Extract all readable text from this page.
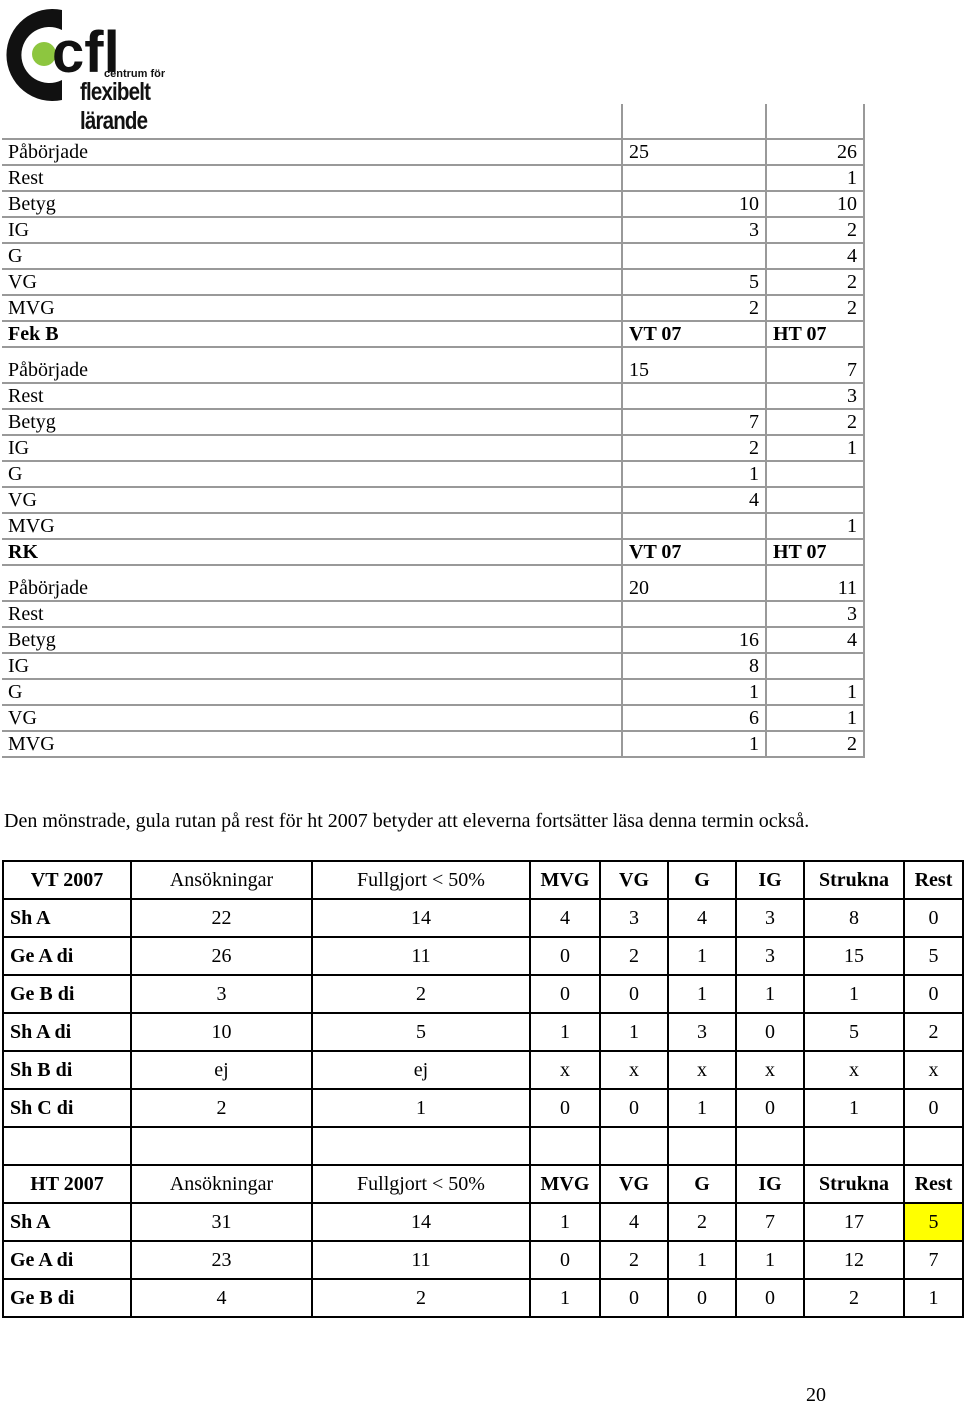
cfl
centrum för
flexibelt lärande

Påbörjade	25	26
Rest		1
Betyg	10	10
IG	3	2
G		4
VG	5	2
MVG	2	2
Fek B	VT 07	HT 07

Påbörjade	15	7
Rest		3
Betyg	7	2
IG	2	1
G	1	
VG	4	
MVG		1
RK	VT 07	HT 07

Påbörjade	20	11
Rest		3
Betyg	16	4
IG	8	
G	1	1
VG	6	1
MVG	1	2
Den mönstrade, gula rutan på rest för ht 2007 betyder att eleverna fortsätter läsa denna termin också.
VT 2007	Ansökningar	Fullgjort < 50%	MVG	VG	G	IG	Strukna	Rest
Sh A	22	14	4	3	4	3	8	0
Ge A di	26	11	0	2	1	3	15	5
Ge B di	3	2	0	0	1	1	1	0
Sh A di	10	5	1	1	3	0	5	2
Sh B di	ej	ej	x	x	x	x	x	x
Sh C di	2	1	0	0	1	0	1	0

HT 2007	Ansökningar	Fullgjort < 50%	MVG	VG	G	IG	Strukna	Rest
Sh A	31	14	1	4	2	7	17	5
Ge A di	23	11	0	2	1	1	12	7
Ge B di	4	2	1	0	0	0	2	1
20
